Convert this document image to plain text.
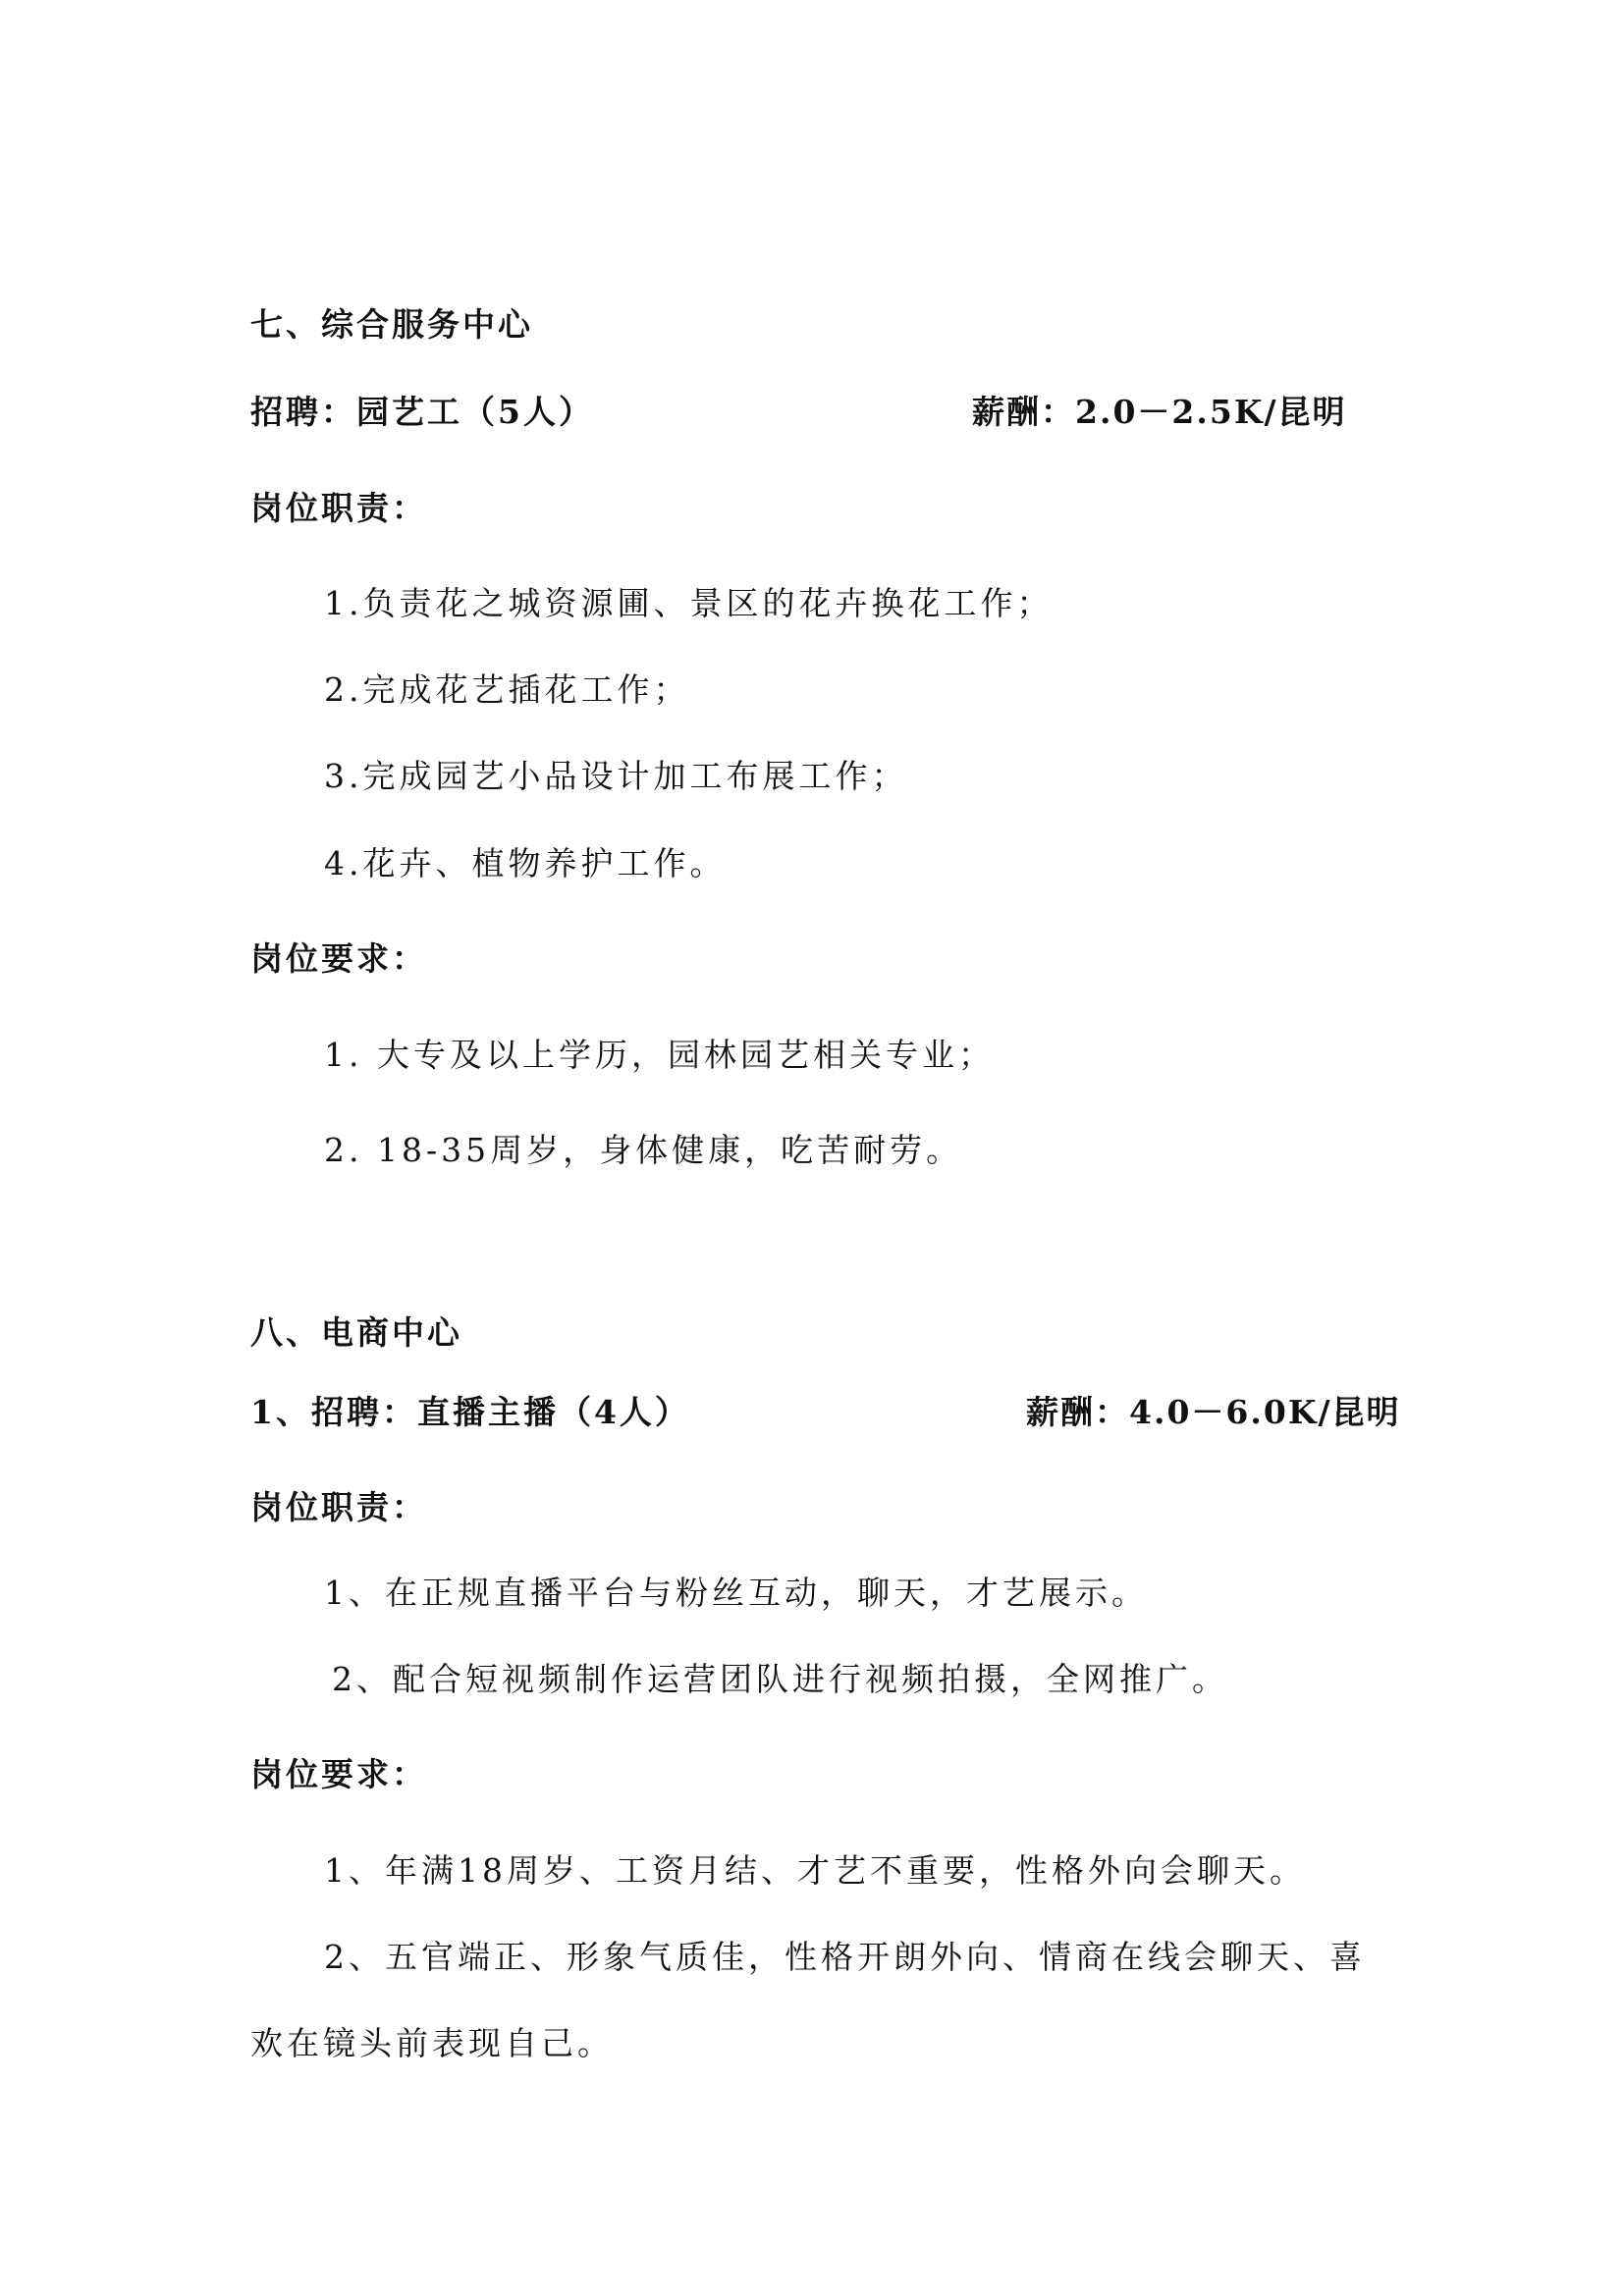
七、综合服务中心
招聘：园艺工（5人）	薪酬：2.0－2.5K/昆明
岗位职责：
1.负责花之城资源圃、景区的花卉换花工作；
2.完成花艺插花工作；
3.完成园艺小品设计加工布展工作；
4.花卉、植物养护工作。
岗位要求：
1. 大专及以上学历，园林园艺相关专业；
2. 18-35周岁，身体健康，吃苦耐劳。
八、电商中心
1、招聘：直播主播（4人）	薪酬：4.0－6.0K/昆明
岗位职责：
1、在正规直播平台与粉丝互动，聊天，才艺展示。
2、配合短视频制作运营团队进行视频拍摄，全网推广。
岗位要求：
1、年满18周岁、工资月结、才艺不重要，性格外向会聊天。
2、五官端正、形象气质佳，性格开朗外向、情商在线会聊天、喜
欢在镜头前表现自己。
